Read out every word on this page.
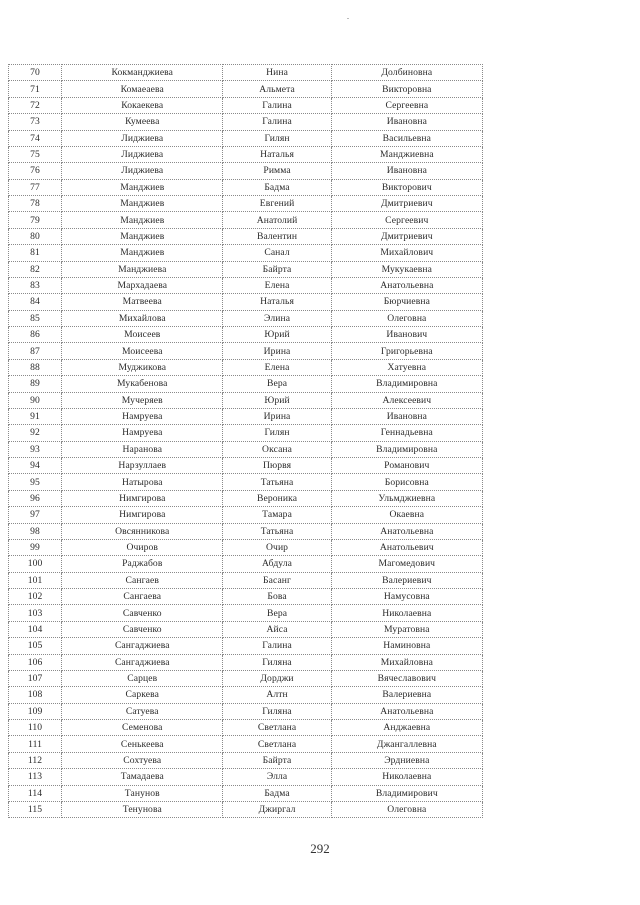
70	Кокманджиева	Нина	Долбиновна
71	Комаеаева	Альмета	Викторовна
72	Кокаекева	Галина	Сергеевна
73	Кумеева	Галина	Ивановна
74	Лиджиева	Гилян	Васильевна
75	Лиджиева	Наталья	Манджиевна
76	Лиджиева	Римма	Ивановна
77	Манджиев	Бадма	Викторович
78	Манджиев	Евгений	Дмитриевич
79	Манджиев	Анатолий	Сергеевич
80	Манджиев	Валентин	Дмитриевич
81	Манджиев	Санал	Михайлович
82	Манджиева	Байрта	Мукукаевна
83	Мархадаева	Елена	Анатольевна
84	Матвеева	Наталья	Бюрчиевна
85	Михайлова	Элина	Олеговна
86	Моисеев	Юрий	Иванович
87	Моисеева	Ирина	Григорьевна
88	Муджикова	Елена	Хатуевна
89	Мукабенова	Вера	Владимировна
90	Мучеряев	Юрий	Алексеевич
91	Намруева	Ирина	Ивановна
92	Намруева	Гилян	Геннадьевна
93	Наранова	Оксана	Владимировна
94	Нарзуллаев	Пюрвя	Романович
95	Натырова	Татьяна	Борисовна
96	Нимгирова	Вероника	Ульмджиевна
97	Нимгирова	Тамара	Окаевна
98	Овсянникова	Татьяна	Анатольевна
99	Очиров	Очир	Анатольевич
100	Раджабов	Абдула	Магомедович
101	Сангаев	Басанг	Валериевич
102	Сангаева	Бова	Намусовна
103	Савченко	Вера	Николаевна
104	Савченко	Айса	Муратовна
105	Сангаджиева	Галина	Наминовна
106	Сангаджиева	Гиляна	Михайловна
107	Сарцев	Дорджи	Вячеславович
108	Саркева	Алтн	Валериевна
109	Сатуева	Гиляна	Анатольевна
110	Семенова	Светлана	Анджаевна
111	Сенькеева	Светлана	Джангаллевна
112	Сохтуева	Байрта	Эрдниевна
113	Тамадаева	Элла	Николаевна
114	Танунов	Бадма	Владимирович
115	Тенунова	Джиргал	Олеговна
292
